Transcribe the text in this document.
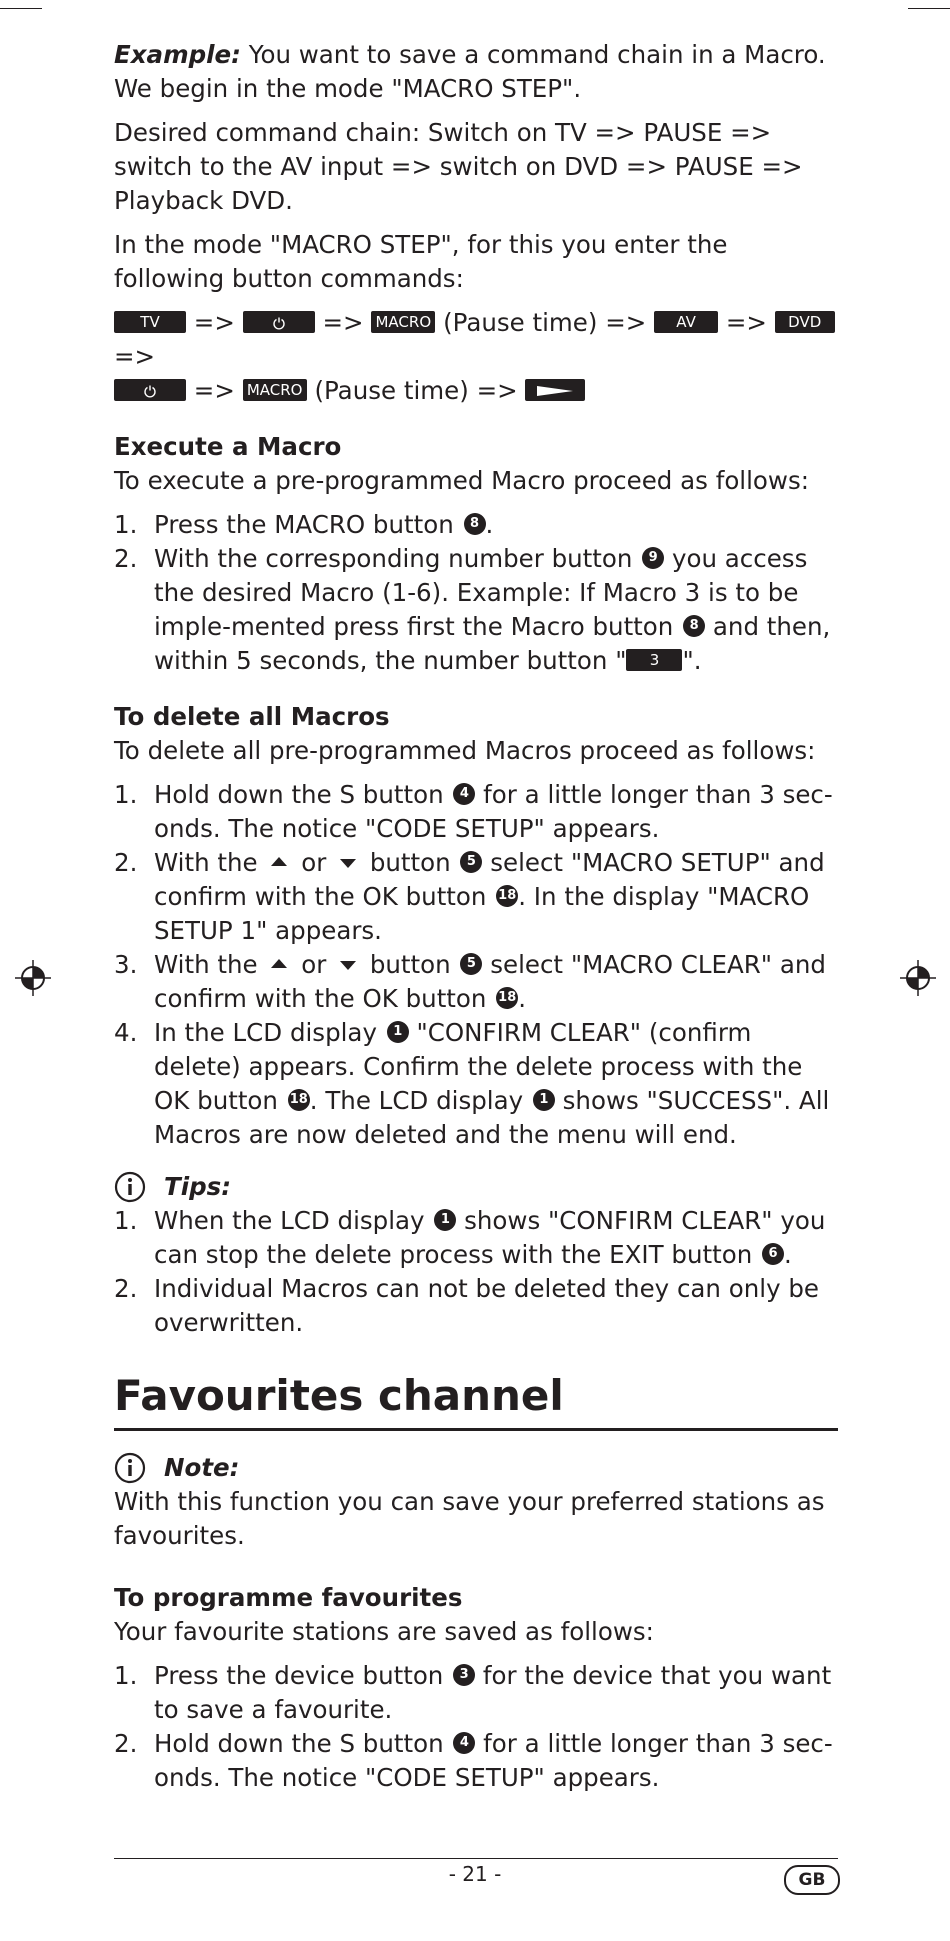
Example: You want to save a command chain in a Macro. We begin in the mode "MACRO STEP".

Desired command chain: Switch on TV => PAUSE => switch to the AV input => switch on DVD => PAUSE => Playback DVD.

In the mode "MACRO STEP", for this you enter the following button commands:

TV =>	=> MACRO (Pause time) => AV => DVD =>
=> MACRO (Pause time) =>

Execute a Macro

To execute a pre-programmed Macro proceed as follows:

1. Press the MACRO button 8 .
2. With the corresponding number button 9 you access the desired Macro (1-6). Example: If Macro 3 is to be imple-mented press first the Macro button 8 and then, within 5 seconds, the number button " 3 ".
To delete all Macros

To delete all pre-programmed Macros proceed as follows:

1. Hold down the S button 4 for a little longer than 3 sec-onds. The notice "CODE SETUP" appears.
2. With the  or  button 5 select "MACRO SETUP" and confirm with the OK button 18. In the display "MACRO SETUP 1" appears.
3. With the  or  button 5 select "MACRO CLEAR" and confirm with the OK button 18.
4. In the LCD display 1 "CONFIRM CLEAR" (confirm delete) appears. Confirm the delete process with the OK button 18. The LCD display 1 shows "SUCCESS". All Macros are now deleted and the menu will end.
Tips:
1. When the LCD display 1 shows "CONFIRM CLEAR" you can stop the delete process with the EXIT button 6 .
2. Individual Macros can not be deleted they can only be overwritten.
Favourites channel
Note:

With this function you can save your preferred stations as favourites.

To programme favourites

Your favourite stations are saved as follows:

1. Press the device button 3 for the device that you want to save a favourite.
2. Hold down the S button 4 for a little longer than 3 sec-onds. The notice "CODE SETUP" appears.
- 21 -	GB
